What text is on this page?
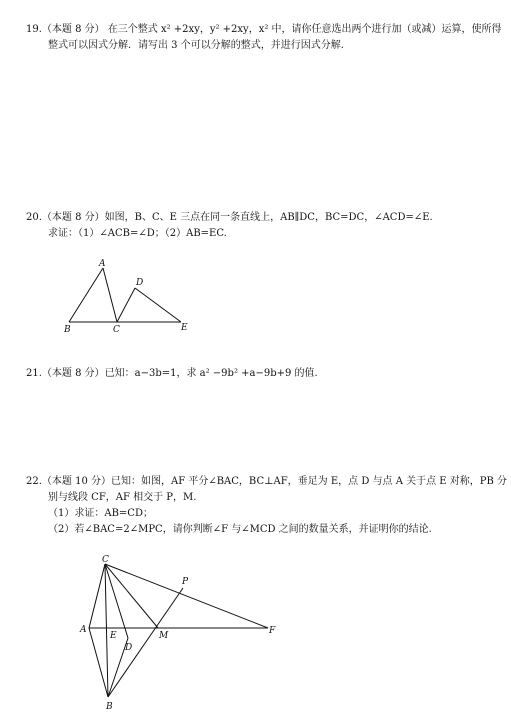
19.（本题 8 分） 在三个整式 x² +2xy，y² +2xy，x² 中，请你任意选出两个进行加（或减）运算，使所得
整式可以因式分解．请写出 3 个可以分解的整式，并进行因式分解.
20.（本题 8 分）如图，B、C、E 三点在同一条直线上，AB∥DC，BC=DC，∠ACD=∠E.
求证：（1）∠ACB=∠D；（2）AB=EC.
A
D
B	C	E
21.（本题 8 分）已知：a−3b=1，求 a² −9b² +a−9b+9 的值.
22.（本题 10 分）已知：如图，AF 平分∠BAC，BC⊥AF，垂足为 E，点 D 与点 A 关于点 E 对称，PB 分
别与线段 CF，AF 相交于 P，M.
（1）求证：AB=CD；
（2）若∠BAC=2∠MPC，请你判断∠F 与∠MCD 之间的数量关系，并证明你的结论.
C
P
A
E	M	F
D
B
